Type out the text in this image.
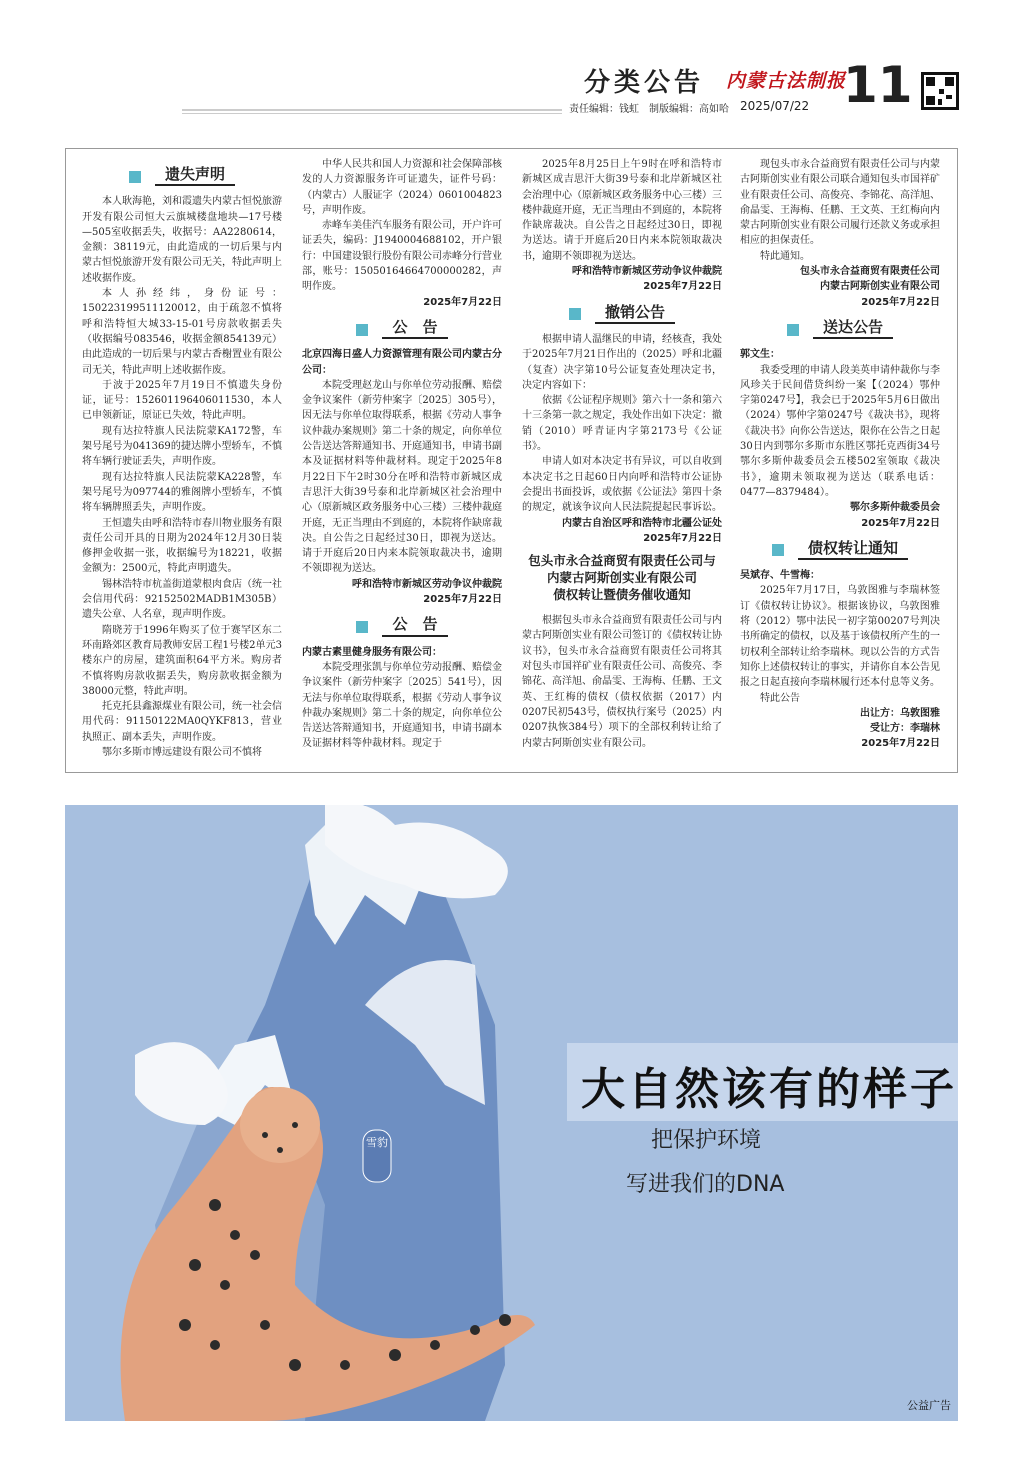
分类公告 内蒙古法制报
11
责任编辑：钱虹　制版编辑：高如哈 2025/07/22
遗失声明

本人耿海艳，刘和霞遗失内蒙古恒悦旅游开发有限公司恒大云旗城楼盘地块—17号楼—505室收据丢失，收据号：AA2280614，金额：38119元，由此造成的一切后果与内蒙古恒悦旅游开发有限公司无关，特此声明上述收据作废。

本人孙经纬，身份证号：150223199511120012，由于疏忽不慎将呼和浩特恒大城33-15-01号房款收据丢失（收据编号083546，收据金额854139元）由此造成的一切后果与内蒙古香榭置业有限公司无关，特此声明上述收据作废。

于波于2025年7月19日不慎遗失身份证，证号：152601196406011530，本人已申领新证，原证已失效，特此声明。

现有达拉特旗人民法院蒙KA172警，车架号尾号为041369的捷达牌小型轿车，不慎将车辆行驶证丢失，声明作废。

现有达拉特旗人民法院蒙KA228警，车架号尾号为097744的雅阁牌小型轿车，不慎将车辆牌照丢失，声明作废。

王恒遗失由呼和浩特市春川物业服务有限责任公司开具的日期为2024年12月30日装修押金收据一张，收据编号为18221，收据金额为：2500元，特此声明遗失。

锡林浩特市杭盖街道蒙根肉食店（统一社会信用代码：92152502MADB1M305B）遗失公章、人名章，现声明作废。

隋晓芳于1996年购买了位于赛罕区东二环南路郊区教育局教师安居工程1号楼2单元3楼东户的房屋，建筑面积64平方米。购房者不慎将购房款收据丢失，购房款收据金额为38000元整，特此声明。

托克托县鑫源煤业有限公司，统一社会信用代码：91150122MA0QYKF813，营业执照正、副本丢失，声明作废。

鄂尔多斯市博远建设有限公司不慎将

中华人民共和国人力资源和社会保障部核发的人力资源服务许可证遗失，证件号码：（内蒙古）人服证字（2024）0601004823号，声明作废。

赤峰车美佳汽车服务有限公司，开户许可证丢失，编码：J1940004688102，开户银行：中国建设银行股份有限公司赤峰分行营业部，账号：15050164664700000282，声明作废。

2025年7月22日
公　告
北京四海日盛人力资源管理有限公司内蒙古分公司：

本院受理赵龙山与你单位劳动报酬、赔偿金争议案件（新劳仲案字〔2025〕305号），因无法与你单位取得联系，根据《劳动人事争议仲裁办案规则》第二十条的规定，向你单位公告送达答辩通知书、开庭通知书，申请书副本及证据材料等仲裁材料。现定于2025年8月22日下午2时30分在呼和浩特市新城区成吉思汗大街39号泰和北岸新城区社会治理中心（原新城区政务服务中心三楼）三楼仲裁庭开庭，无正当理由不到庭的，本院将作缺席裁决。自公告之日起经过30日，即视为送达。请于开庭后20日内来本院领取裁决书，逾期不领即视为送达。

呼和浩特市新城区劳动争议仲裁院
2025年7月22日
公　告
内蒙古素里健身服务有限公司：

本院受理张凯与你单位劳动报酬、赔偿金争议案件（新劳仲案字〔2025〕541号），因无法与你单位取得联系，根据《劳动人事争议仲裁办案规则》第二十条的规定，向你单位公告送达答辩通知书，开庭通知书，申请书副本及证据材料等仲裁材料。现定于

2025年8月25日上午9时在呼和浩特市新城区成吉思汗大街39号泰和北岸新城区社会治理中心（原新城区政务服务中心三楼）三楼仲裁庭开庭，无正当理由不到庭的，本院将作缺席裁决。自公告之日起经过30日，即视为送达。请于开庭后20日内来本院领取裁决书，逾期不领即视为送达。

呼和浩特市新城区劳动争议仲裁院
2025年7月22日
撤销公告

根据申请人温继民的申请，经核查，我处于2025年7月21日作出的（2025）呼和北疆（复查）决字第10号公证复查处理决定书，决定内容如下：

依据《公证程序规则》第六十一条和第六十三条第一款之规定，我处作出如下决定：撤销（2010）呼青证内字第2173号《公证书》。

申请人如对本决定书有异议，可以自收到本决定书之日起60日内向呼和浩特市公证协会提出书面投诉，或依据《公证法》第四十条的规定，就该争议向人民法院提起民事诉讼。

内蒙古自治区呼和浩特市北疆公证处
2025年7月22日
包头市永合益商贸有限责任公司与
内蒙古阿斯创实业有限公司
债权转让暨债务催收通知

根据包头市永合益商贸有限责任公司与内蒙古阿斯创实业有限公司签订的《债权转让协议书》，包头市永合益商贸有限责任公司将其对包头市国祥矿业有限责任公司、高俊亮、李锦花、高洋旭、俞晶雯、王海梅、任鹏、王文英、王红梅的债权（债权依据（2017）内0207民初543号，债权执行案号（2025）内0207执恢384号）项下的全部权利转让给了内蒙古阿斯创实业有限公司。

现包头市永合益商贸有限责任公司与内蒙古阿斯创实业有限公司联合通知包头市国祥矿业有限责任公司、高俊亮、李锦花、高洋旭、俞晶雯、王海梅、任鹏、王文英、王红梅向内蒙古阿斯创实业有限公司履行还款义务或承担相应的担保责任。

特此通知。

包头市永合益商贸有限责任公司
内蒙古阿斯创实业有限公司
2025年7月22日
送达公告
郭文生：

我委受理的申请人段美英申请仲裁你与李风珍关于民间借贷纠纷一案【（2024）鄂仲字第0247号】，我会已于2025年5月6日做出（2024）鄂仲字第0247号《裁决书》，现将《裁决书》向你公告送达，限你在公告之日起30日内到鄂尔多斯市东胜区鄂托克西街34号鄂尔多斯仲裁委员会五楼502室领取《裁决书》，逾期未领取视为送达（联系电话：0477—8379484）。

鄂尔多斯仲裁委员会
2025年7月22日
债权转让通知
吴斌存、牛雪梅：

2025年7月17日，乌敦图雅与李瑞林签订《债权转让协议》。根据该协议，乌敦图雅将（2012）鄂中法民一初字第00207号判决书所确定的债权，以及基于该债权所产生的一切权利全部转让给李瑞林。现以公告的方式告知你上述债权转让的事实，并请你自本公告见报之日起直接向李瑞林履行还本付息等义务。

特此公告

出让方：乌敦图雅
受让方：李瑞林
2025年7月22日
雪豹
大自然该有的样子
把保护环境
写进我们的DNA
公益广告
